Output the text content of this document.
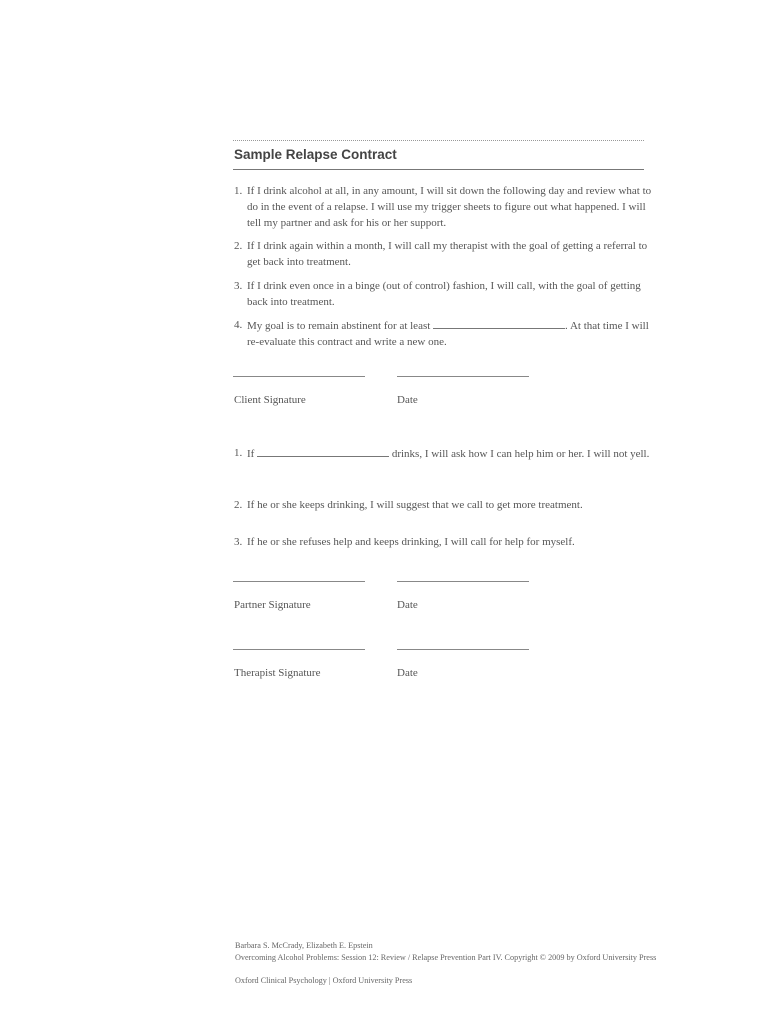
Sample Relapse Contract
1. If I drink alcohol at all, in any amount, I will sit down the following day and review what to do in the event of a relapse. I will use my trigger sheets to figure out what happened. I will tell my partner and ask for his or her support.
2. If I drink again within a month, I will call my therapist with the goal of getting a referral to get back into treatment.
3. If I drink even once in a binge (out of control) fashion, I will call, with the goal of getting back into treatment.
4. My goal is to remain abstinent for at least	. At that time I will re-evaluate this contract and write a new one.
Client Signature	Date
1. If	drinks, I will ask how I can help him or her. I will not yell.
2. If he or she keeps drinking, I will suggest that we call to get more treatment.
3. If he or she refuses help and keeps drinking, I will call for help for myself.
Partner Signature	Date
Therapist Signature	Date
Barbara S. McCrady, Elizabeth E. Epstein
Overcoming Alcohol Problems: Session 12: Review / Relapse Prevention Part IV. Copyright © 2009 by Oxford University Press
Oxford Clinical Psychology | Oxford University Press
